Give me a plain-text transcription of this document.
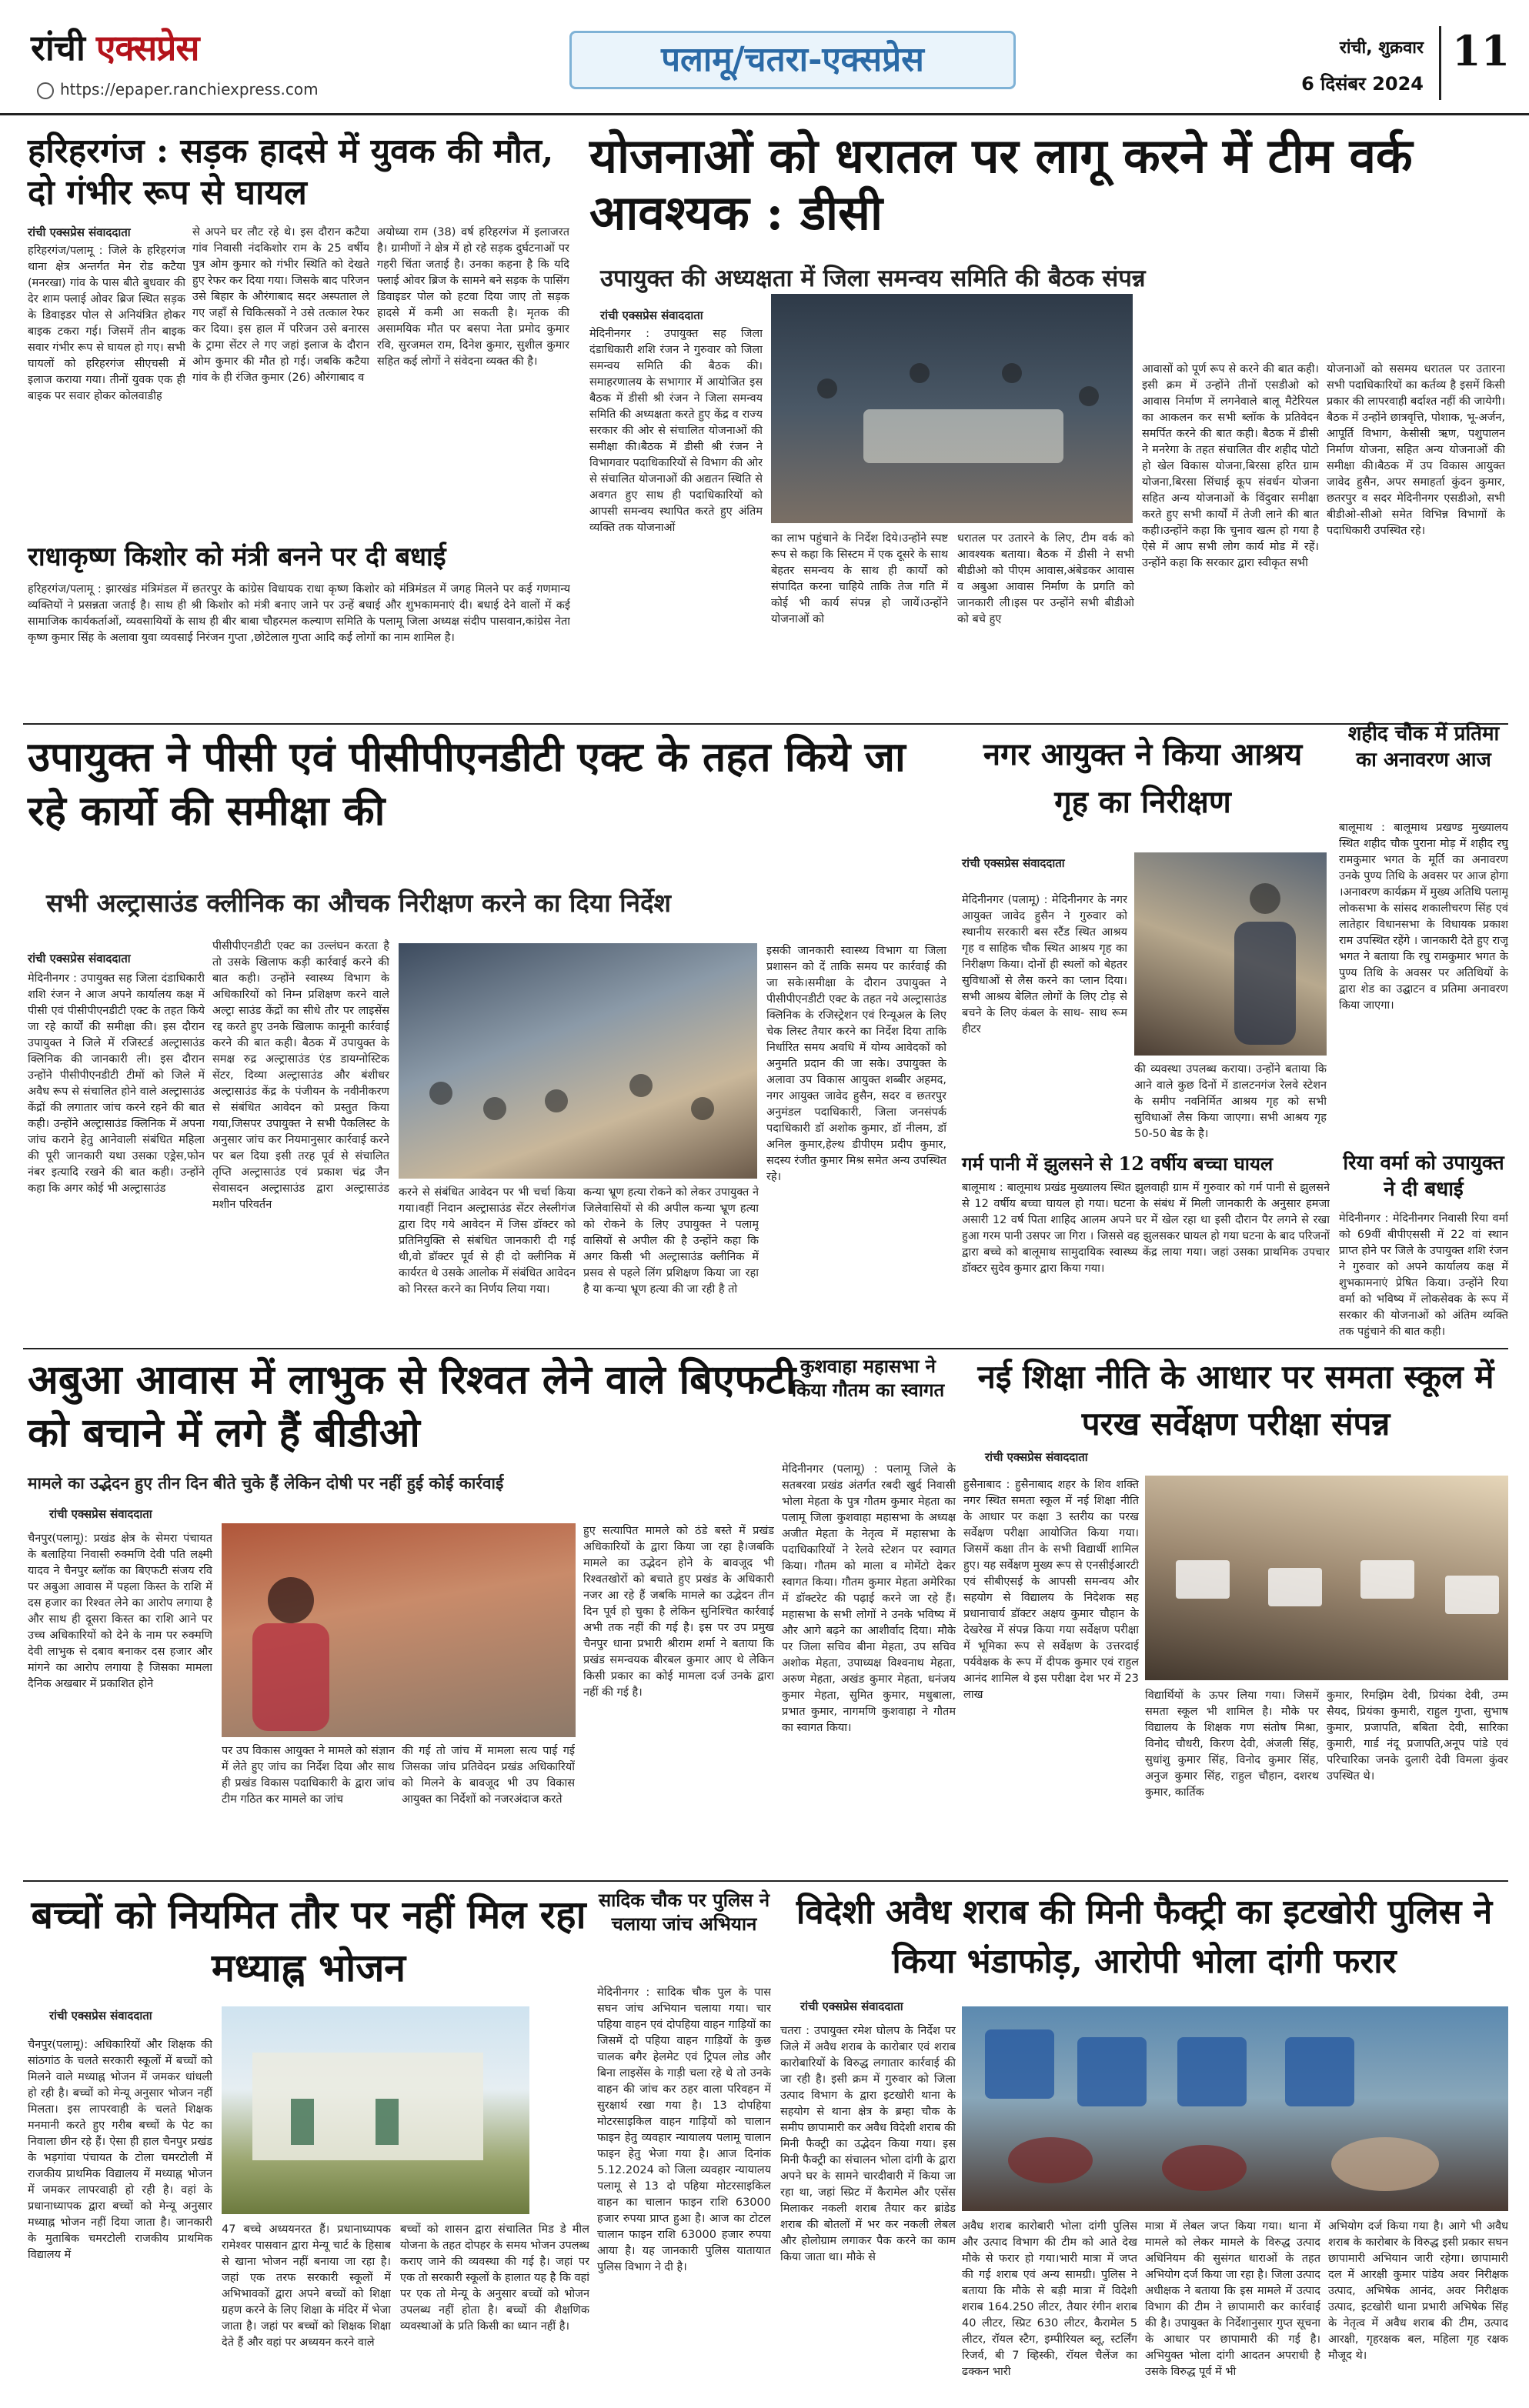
रांची एक्सप्रेस
https://epaper.ranchiexpress.com
पलामू/चतरा-एक्सप्रेस	रांची, शुक्रवार
6 दिसंबर 2024
11
हरिहरगंज : सड़क हादसे में युवक की मौत, दो गंभीर रूप से घायल
रांची एक्सप्रेस संवाददाता
हरिहरगंज/पलामू : जिले के हरिहरगंज थाना क्षेत्र अन्तर्गत मेन रोड कटैया (मनरखा) गांव के पास बीते बुधवार की देर शाम फ्लाई ओवर ब्रिज स्थित सड़क के डिवाइडर पोल से अनियंत्रित होकर बाइक टकरा गई। जिसमें तीन बाइक सवार गंभीर रूप से घायल हो गए। सभी घायलों को हरिहरगंज सीएचसी में इलाज कराया गया। तीनों युवक एक ही बाइक पर सवार होकर कोलवाडीह
से अपने घर लौट रहे थे। इस दौरान कटैया गांव निवासी नंदकिशोर राम के 25 वर्षीय पुत्र ओम कुमार को गंभीर स्थिति को देखते हुए रेफर कर दिया गया। जिसके बाद परिजन उसे बिहार के औरंगाबाद सदर अस्पताल ले गए जहाँ से चिकित्सकों ने उसे तत्काल रेफर कर दिया। इस हाल में परिजन उसे बनारस के ट्रामा सेंटर ले गए जहां इलाज के दौरान ओम कुमार की मौत हो गई। जबकि कटैया गांव के ही रंजित कुमार (26) औरंगाबाद व
अयोध्या राम (38) वर्ष हरिहरगंज में इलाजरत है। ग्रामीणों ने क्षेत्र में हो रहे सड़क दुर्घटनाओं पर गहरी चिंता जताई है। उनका कहना है कि यदि फ्लाई ओवर ब्रिज के सामने बने सड़क के पासिंग डिवाइडर पोल को हटवा दिया जाए तो सड़क हादसे में कमी आ सकती है। मृतक की असामयिक मौत पर बसपा नेता प्रमोद कुमार रवि, सुरजमल राम, दिनेश कुमार, सुशील कुमार सहित कई लोगों ने संवेदना व्यक्त की है।
राधाकृष्ण किशोर को मंत्री बनने पर दी बधाई
हरिहरगंज/पलामू : झारखंड मंत्रिमंडल में छतरपुर के कांग्रेस विधायक राधा कृष्ण किशोर को मंत्रिमंडल में जगह मिलने पर कई गणमान्य व्यक्तियों ने प्रसन्नता जताई है। साथ ही श्री किशोर को मंत्री बनाए जाने पर उन्हें बधाई और शुभकामनाएं दी। बधाई देने वालों में कई सामाजिक कार्यकर्ताओं, व्यवसायियों के साथ ही बीर बाबा चौहरमल कल्याण समिति के पलामू जिला अध्यक्ष संदीप पासवान,कांग्रेस नेता कृष्ण कुमार सिंह के अलावा युवा व्यवसाई निरंजन गुप्ता ,छोटेलाल गुप्ता आदि कई लोगों का नाम शामिल है।
योजनाओं को धरातल पर लागू करने में टीम वर्क आवश्यक : डीसी
उपायुक्त की अध्यक्षता में जिला समन्वय समिति की बैठक संपन्न
रांची एक्सप्रेस संवाददाता
मेदिनीनगर : उपायुक्त सह जिला दंडाधिकारी शशि रंजन ने गुरुवार को जिला समन्वय समिति की बैठक की। समाहरणालय के सभागार में आयोजित इस बैठक में डीसी श्री रंजन ने जिला समन्वय समिति की अध्यक्षता करते हुए केंद्र व राज्य सरकार की ओर से संचालित योजनाओं की समीक्षा की।बैठक में डीसी श्री रंजन ने विभागवार पदाधिकारियों से विभाग की ओर से संचालित योजनाओं की अद्यतन स्थिति से अवगत हुए साथ ही पदाधिकारियों को आपसी समन्वय स्थापित करते हुए अंतिम व्यक्ति तक योजनाओं
का लाभ पहुंचाने के निर्देश दिये।उन्होंने स्पष्ट रूप से कहा कि सिस्टम में एक दूसरे के साथ बेहतर समन्वय के साथ ही कार्यों को संपादित करना चाहिये ताकि तेज गति में कोई भी कार्य संपन्न हो जायें।उन्होंने योजनाओं को
धरातल पर उतारने के लिए, टीम वर्क को आवश्यक बताया। बैठक में डीसी ने सभी बीडीओ को पीएम आवास,अंबेडकर आवास व अबुआ आवास निर्माण के प्रगति को जानकारी ली।इस पर उन्होंने सभी बीडीओ को बचे हुए
आवासों को पूर्ण रूप से करने की बात कही।इसी क्रम में उन्होंने तीनों एसडीओ को आवास निर्माण में लगनेवाले बालू मैटेरियल का आकलन कर सभी ब्लॉक के प्रतिवेदन समर्पित करने की बात कही। बैठक में डीसी ने मनरेगा के तहत संचालित वीर शहीद पोटो हो खेल विकास योजना,बिरसा हरित ग्राम योजना,बिरसा सिंचाई कूप संवर्धन योजना सहित अन्य योजनाओं के विंदुवार समीक्षा करते हुए सभी कार्यों में तेजी लाने की बात कही।उन्होंने कहा कि चुनाव खत्म हो गया है ऐसे में आप सभी लोग कार्य मोड में रहें।उन्होंने कहा कि सरकार द्वारा स्वीकृत सभी
योजनाओं को ससमय धरातल पर उतारना सभी पदाधिकारियों का कर्तव्य है इसमें किसी प्रकार की लापरवाही बर्दाश्त नहीं की जायेगी। बैठक में उन्होंने छात्रवृत्ति, पोशाक, भू-अर्जन, आपूर्ति विभाग, केसीसी ऋण, पशुपालन निर्माण योजना, सहित अन्य योजनाओं की समीक्षा की।बैठक में उप विकास आयुक्त जावेद हुसैन, अपर समाहर्ता कुंदन कुमार, छतरपुर व सदर मेदिनीनगर एसडीओ, सभी बीडीओ-सीओ समेत विभिन्न विभागों के पदाधिकारी उपस्थित रहे।
उपायुक्त ने पीसी एवं पीसीपीएनडीटी एक्ट के तहत किये जा रहे कार्यो की समीक्षा की
सभी अल्ट्रासाउंड क्लीनिक का औचक निरीक्षण करने का दिया निर्देश
रांची एक्सप्रेस संवाददाता
मेदिनीनगर : उपायुक्त सह जिला दंडाधिकारी शशि रंजन ने आज अपने कार्यालय कक्ष में पीसी एवं पीसीपीएनडीटी एक्ट के तहत किये जा रहे कार्यों की समीक्षा की। इस दौरान उपायुक्त ने जिले में रजिस्टर्ड अल्ट्रासाउंड क्लिनिक की जानकारी ली। इस दौरान उन्होंने पीसीपीएनडीटी टीमों को जिले में अवैध रूप से संचालित होने वाले अल्ट्रासाउंड केंद्रों की लगातार जांच करने रहने की बात कही। उन्होंने अल्ट्रासाउंड क्लिनिक में अपना जांच कराने हेतु आनेवाली संबंधित महिला की पूरी जानकारी यथा उसका एड्रेस,फोन नंबर इत्यादि रखने की बात कही। उन्होंने कहा कि अगर कोई भी अल्ट्रासाउंड
पीसीपीएनडीटी एक्ट का उल्लंघन करता है तो उसके खिलाफ कड़ी कार्रवाई करने की बात कही। उन्होंने स्वास्थ्य विभाग के अधिकारियों को निम्न प्रशिक्षण करने वाले अल्ट्रा साउंड केंद्रों का सीधे तौर पर लाइसेंस रद्द करते हुए उनके खिलाफ कानूनी कार्रवाई करने की बात कही। बैठक में उपायुक्त के समक्ष रुद्र अल्ट्रासाउंड एंड डायग्नोस्टिक सेंटर, दिव्या अल्ट्रासाउंड और बंशीधर अल्ट्रासाउंड केंद्र के पंजीयन के नवीनीकरण से संबंधित आवेदन को प्रस्तुत किया गया,जिसपर उपायुक्त ने सभी पैकलिस्ट के अनुसार जांच कर नियमानुसार कार्रवाई करने पर बल दिया इसी तरह पूर्व से संचालित तृप्ति अल्ट्रासाउंड एवं प्रकाश चंद्र जैन सेवासदन अल्ट्रासाउंड द्वारा अल्ट्रासाउंड मशीन परिवर्तन
करने से संबंधित आवेदन पर भी चर्चा किया गया।वहीं निदान अल्ट्रासाउंड सेंटर लेस्लीगंज द्वारा दिए गये आवेदन में जिस डॉक्टर को प्रतिनियुक्ति से संबंधित जानकारी दी गई थी,वो डॉक्टर पूर्व से ही दो क्लीनिक में कार्यरत थे उसके आलोक में संबंधित आवेदन को निरस्त करने का निर्णय लिया गया।
कन्या भ्रूण हत्या रोकने को लेकर उपायुक्त ने जिलेवासियों से की अपील कन्या भ्रूण हत्या को रोकने के लिए उपायुक्त ने पलामू वासियों से अपील की है उन्होंने कहा कि अगर किसी भी अल्ट्रासाउंड क्लीनिक में प्रसव से पहले लिंग प्रशिक्षण किया जा रहा है या कन्या भ्रूण हत्या की जा रही है तो
इसकी जानकारी स्वास्थ्य विभाग या जिला प्रशासन को दें ताकि समय पर कार्रवाई की जा सके।समीक्षा के दौरान उपायुक्त ने पीसीपीएनडीटी एक्ट के तहत नये अल्ट्रासाउंड क्लिनिक के रजिस्ट्रेशन एवं रिन्यूअल के लिए चेक लिस्ट तैयार करने का निर्देश दिया ताकि निर्धारित समय अवधि में योग्य आवेदकों को अनुमति प्रदान की जा सके। उपायुक्त के अलावा उप विकास आयुक्त शब्बीर अहमद, नगर आयुक्त जावेद हुसैन, सदर व छतरपुर अनुमंडल पदाधिकारी, जिला जनसंपर्क पदाधिकारी डॉ अशोक कुमार, डॉ नीलम, डॉ अनिल कुमार,हेल्थ डीपीएम प्रदीप कुमार, सदस्य रंजीत कुमार मिश्र समेत अन्य उपस्थित रहे।
नगर आयुक्त ने किया आश्रय गृह का निरीक्षण
रांची एक्सप्रेस संवाददाता
मेदिनीनगर (पलामू) : मेदिनीनगर के नगर आयुक्त जावेद हुसैन ने गुरुवार को स्थानीय सरकारी बस स्टैंड स्थित आश्रय गृह व साहिक चौक स्थित आश्रय गृह का निरीक्षण किया। दोनों ही स्थलों को बेहतर सुविधाओं से लैस करने का प्लान दिया। सभी आश्रय बेलित लोगों के लिए टोड़ से बचने के लिए कंबल के साथ- साथ रूम हीटर
की व्यवस्था उपलब्ध कराया। उन्होंने बताया कि आने वाले कुछ दिनों में डालटनगंज रेलवे स्टेशन के समीप नवनिर्मित आश्रय गृह को सभी सुविधाओं लैस किया जाएगा। सभी आश्रय गृह 50-50 बेड के है।
शहीद चौक में प्रतिमा का अनावरण आज
बालूमाथ : बालूमाथ प्रखण्ड मुख्यालय स्थित शहीद चौक पुराना मोड़ में शहीद रघु रामकुमार भगत के मूर्ति का अनावरण उनके पुण्य तिथि के अवसर पर आज होगा ।अनावरण कार्यक्रम में मुख्य अतिथि पलामू लोकसभा के सांसद शकालीचरण सिंह एवं लातेहार विधानसभा के विधायक प्रकाश राम उपस्थित रहेंगे । जानकारी देते हुए राजू भगत ने बताया कि रघु रामकुमार भगत के पुण्य तिथि के अवसर पर अतिथियों के द्वारा शेड का उद्घाटन व प्रतिमा अनावरण किया जाएगा।
रिया वर्मा को उपायुक्त ने दी बधाई
मेदिनीनगर : मेदिनीनगर निवासी रिया वर्मा को 69वीं बीपीएससी में 22 वां स्थान प्राप्त होने पर जिले के उपायुक्त शशि रंजन ने गुरुवार को अपने कार्यालय कक्ष में शुभकामनाएं प्रेषित किया। उन्होंने रिया वर्मा को भविष्य में लोकसेवक के रूप में सरकार की योजनाओं को अंतिम व्यक्ति तक पहुंचाने की बात कही।
गर्म पानी में झुलसने से 12 वर्षीय बच्चा घायल
बालूमाथ : बालूमाथ प्रखंड मुख्यालय स्थित झुलवाही ग्राम में गुरुवार को गर्म पानी से झुलसने से 12 वर्षीय बच्चा घायल हो गया। घटना के संबंध में मिली जानकारी के अनुसार हमजा असारी 12 वर्ष पिता शाहिद आलम अपने घर में खेल रहा था इसी दौरान पैर लगने से रखा हुआ गरम पानी उसपर जा गिरा । जिससे वह झुलसकर घायल हो गया घटना के बाद परिजनों द्वारा बच्चे को बालूमाथ सामुदायिक स्वास्थ्य केंद्र लाया गया। जहां उसका प्राथमिक उपचार डॉक्टर सुदेव कुमार द्वारा किया गया।
अबुआ आवास में लाभुक से रिश्वत लेने वाले बिएफटी को बचाने में लगे हैं बीडीओ
मामले का उद्भेदन हुए तीन दिन बीते चुके हैं लेकिन दोषी पर नहीं हुई कोई कार्रवाई
रांची एक्सप्रेस संवाददाता
चैनपुर(पलामू): प्रखंड क्षेत्र के सेमरा पंचायत के बलाहिया निवासी रुक्मणि देवी पति लक्ष्मी यादव ने चैनपुर ब्लॉक का बिएफटी संजय रवि पर अबुआ आवास में पहला किस्त के राशि में दस हजार का रिश्वत लेने का आरोप लगाया है और साथ ही दूसरा किस्त का राशि आने पर उच्च अधिकारियों को देने के नाम पर रुक्मणि देवी लाभुक से दबाव बनाकर दस हजार और मांगने का आरोप लगाया है जिसका मामला दैनिक अखबार में प्रकाशित होने
पर उप विकास आयुक्त ने मामले को संज्ञान में लेते हुए जांच का निर्देश दिया और साथ ही प्रखंड विकास पदाधिकारी के द्वारा जांच टीम गठित कर मामले का जांच
की गई तो जांच में मामला सत्य पाई गई जिसका जांच प्रतिवेदन प्रखंड अधिकारियों को मिलने के बावजूद भी उप विकास आयुक्त का निर्देशों को नजरअंदाज करते
हुए सत्यापित मामले को ठंडे बस्ते में प्रखंड अधिकारियों के द्वारा किया जा रहा है।जबकि मामले का उद्भेदन होने के बावजूद भी रिश्वतखोरों को बचाते हुए प्रखंड के अधिकारी नजर आ रहे हैं जबकि मामले का उद्भेदन तीन दिन पूर्व हो चुका है लेकिन सुनिश्चित कार्रवाई अभी तक नहीं की गई है। इस पर उप प्रमुख चैनपुर धाना प्रभारी श्रीराम शर्मा ने बताया कि प्रखंड समन्वयक बीरबल कुमार आए थे लेकिन किसी प्रकार का कोई मामला दर्ज उनके द्वारा नहीं की गई है।
कुशवाहा महासभा ने किया गौतम का स्वागत
मेदिनीनगर (पलामू) : पलामू जिले के सतबरवा प्रखंड अंतर्गत रबदी खुर्द निवासी भोला मेहता के पुत्र गौतम कुमार मेहता का पलामू जिला कुशवाहा महासभा के अध्यक्ष अजीत मेहता के नेतृत्व में महासभा के पदाधिकारियों ने रेलवे स्टेशन पर स्वागत किया। गौतम को माला व मोमेंटो देकर स्वागत किया। गौतम कुमार मेहता अमेरिका में डॉक्टरेट की पढ़ाई करने जा रहे हैं। महासभा के सभी लोगों ने उनके भविष्य में और आगे बढ़ने का आशीर्वाद दिया। मौके पर जिला सचिव बीना मेहता, उप सचिव अशोक मेहता, उपाध्यक्ष विश्वनाथ मेहता, अरुण मेहता, अखंड कुमार मेहता, धनंजय कुमार मेहता, सुमित कुमार, मधुबाला, प्रभात कुमार, नागमणि कुशवाहा ने गौतम का स्वागत किया।
नई शिक्षा नीति के आधार पर समता स्कूल में परख सर्वेक्षण परीक्षा संपन्न
रांची एक्सप्रेस संवाददाता
हुसैनाबाद : हुसैनाबाद शहर के शिव शक्ति नगर स्थित समता स्कूल में नई शिक्षा नीति के आधार पर कक्षा 3 स्तरीय का परख सर्वेक्षण परीक्षा आयोजित किया गया। जिसमें कक्षा तीन के सभी विद्यार्थी शामिल हुए। यह सर्वेक्षण मुख्य रूप से एनसीईआरटी एवं सीबीएसई के आपसी समन्वय और सहयोग से विद्यालय के निदेशक सह प्रधानाचार्य डॉक्टर अक्षय कुमार चौहान के देखरेख में संपन्न किया गया सर्वेक्षण परीक्षा में भूमिका रूप से सर्वेक्षण के उत्तरदाई पर्यवेक्षक के रूप में दीपक कुमार एवं राहुल आनंद शामिल थे इस परीक्षा देश भर में 23 लाख	विद्यार्थियों के ऊपर लिया गया। जिसमें समता स्कूल भी शामिल है। मौके पर विद्यालय के शिक्षक गण संतोष मिश्रा, विनोद चौधरी, किरण देवी, अंजली सिंह, सुधांशु कुमार सिंह, विनोद कुमार सिंह, अनुज कुमार सिंह, राहुल चौहान, दशरथ कुमार, कार्तिक
कुमार, रिमझिम देवी, प्रियंका देवी, उम्म सैयद, प्रियंका कुमारी, राहुल गुप्ता, सुभाष कुमार, प्रजापति, बबिता देवी, सारिका कुमारी, गार्ड नंदू प्रजापति,अनूप पांडे एवं परिचारिका जनके दुलारी देवी विमला कुंवर उपस्थित थे।
बच्चों को नियमित तौर पर नहीं मिल रहा मध्याह्न भोजन
रांची एक्सप्रेस संवाददाता
चैनपुर(पलामू): अधिकारियों और शिक्षक की सांठगांठ के चलते सरकारी स्कूलों में बच्चों को मिलने वाले मध्याह्न भोजन में जमकर धांधली हो रही है। बच्चों को मेन्यू अनुसार भोजन नहीं मिलता। इस लापरवाही के चलते शिक्षक मनमानी करते हुए गरीब बच्चों के पेट का निवाला छीन रहे हैं। ऐसा ही हाल चैनपुर प्रखंड के भड़गांवा पंचायत के टोला चमरटोली में राजकीय प्राथमिक विद्यालय में मध्याह्न भोजन में जमकर लापरवाही हो रही है। वहां के प्रधानाध्यापक द्वारा बच्चों को मेन्यू अनुसार मध्याह्न भोजन नहीं दिया जाता है। जानकारी के मुताबिक चमरटोली राजकीय प्राथमिक विद्यालय में
47 बच्चे अध्ययनरत हैं। प्रधानाध्यापक रामेश्वर पासवान द्वारा मेन्यू चार्ट के हिसाब से खाना भोजन नहीं बनाया जा रहा है। जहां एक तरफ सरकारी स्कूलों में अभिभावकों द्वारा अपने बच्चों को शिक्षा ग्रहण करने के लिए शिक्षा के मंदिर में भेजा जाता है। जहां पर बच्चों को शिक्षक शिक्षा देते हैं और वहां पर अध्ययन करने वाले
बच्चों को शासन द्वारा संचालित मिड डे मील योजना के तहत दोपहर के समय भोजन उपलब्ध कराए जाने की व्यवस्था की गई है। जहां पर एक तो सरकारी स्कूलों के हालात यह है कि वहां पर एक तो मेन्यू के अनुसार बच्चों को भोजन उपलब्ध नहीं होता है। बच्चों की शैक्षणिक व्यवस्थाओं के प्रति किसी का ध्यान नहीं है।
सादिक चौक पर पुलिस ने चलाया जांच अभियान
मेदिनीनगर : सादिक चौक पुल के पास सघन जांच अभियान चलाया गया। चार पहिया वाहन एवं दोपहिया वाहन गाड़ियों का जिसमें दो पहिया वाहन गाड़ियों के कुछ चालक बगैर हेलमेट एवं ट्रिपल लोड और बिना लाइसेंस के गाड़ी चला रहे थे तो उनके वाहन की जांच कर ठहर वाला परिवहन में सुरक्षार्थ रखा गया है। 13 दोपहिया मोटरसाइकिल वाहन गाड़ियों को चालान फाइन हेतु व्यवहार न्यायालय पलामू चालान फाइन हेतु भेजा गया है। आज दिनांक 5.12.2024 को जिला व्यवहार न्यायालय पलामू से 13 दो पहिया मोटरसाइकिल वाहन का चालान फाइन राशि 63000 हजार रुपया प्राप्त हुआ है। आज का टोटल चालान फाइन राशि 63000 हजार रुपया आया है। यह जानकारी पुलिस यातायात पुलिस विभाग ने दी है।
विदेशी अवैध शराब की मिनी फैक्ट्री का इटखोरी पुलिस ने किया भंडाफोड़, आरोपी भोला दांगी फरार
रांची एक्सप्रेस संवाददाता
चतरा : उपायुक्त रमेश घोलप के निर्देश पर जिले में अवैध शराब के कारोबार एवं शराब कारोबारियों के विरुद्ध लगातार कार्रवाई की जा रही है। इसी क्रम में गुरुवार को जिला उत्पाद विभाग के द्वारा इटखोरी थाना के सहयोग से थाना क्षेत्र के ब्रम्हा चौक के समीप छापामारी कर अवैध विदेशी शराब की मिनी फैक्ट्री का उद्भेदन किया गया। इस मिनी फैक्ट्री का संचालन भोला दांगी के द्वारा अपने घर के सामने चारदीवारी में किया जा रहा था, जहां स्प्रिट में कैरामेल और एसेंस मिलाकर नकली शराब तैयार कर ब्रांडेड शराब की बोतलों में भर कर नकली लेबल और होलोग्राम लगाकर पैक करने का काम किया जाता था। मौके से
अवैध शराब कारोबारी भोला दांगी पुलिस और उत्पाद विभाग की टीम को आते देख मौके से फरार हो गया।भारी मात्रा में जप्त की गई शराब एवं अन्य सामग्री। पुलिस ने बताया कि मौके से बड़ी मात्रा में विदेशी शराब 164.250 लीटर, तैयार रंगीन शराब 40 लीटर, स्प्रिट 630 लीटर, कैरामेल 5 लीटर, रॉयल स्टैग, इम्पीरियल ब्लू, स्टर्लिंग रिजर्व, बी 7 व्हिस्की, रॉयल चैलेंज का ढक्कन भारी
मात्रा में लेबल जप्त किया गया। थाना में मामले को लेकर मामले के विरुद्ध उत्पाद अधिनियम की सुसंगत धाराओं के तहत अभियोग दर्ज किया जा रहा है। जिला उत्पाद अधीक्षक ने बताया कि इस मामले में उत्पाद विभाग की टीम ने छापामारी कर कार्रवाई की है। उपायुक्त के निर्देशानुसार गुप्त सूचना के आधार पर छापामारी की गई है। अभियुक्त भोला दांगी आदतन अपराधी है उसके विरुद्ध पूर्व में भी
अभियोग दर्ज किया गया है। आगे भी अवैध शराब के कारोबार के विरुद्ध इसी प्रकार सघन छापामारी अभियान जारी रहेगा। छापामारी दल में आरक्षी कुमार पांडेय अवर निरीक्षक उत्पाद, अभिषेक आनंद, अवर निरीक्षक उत्पाद, इटखोरी थाना प्रभारी अभिषेक सिंह के नेतृत्व में अवैध शराब की टीम, उत्पाद आरक्षी, गृहरक्षक बल, महिला गृह रक्षक मौजूद थे।
